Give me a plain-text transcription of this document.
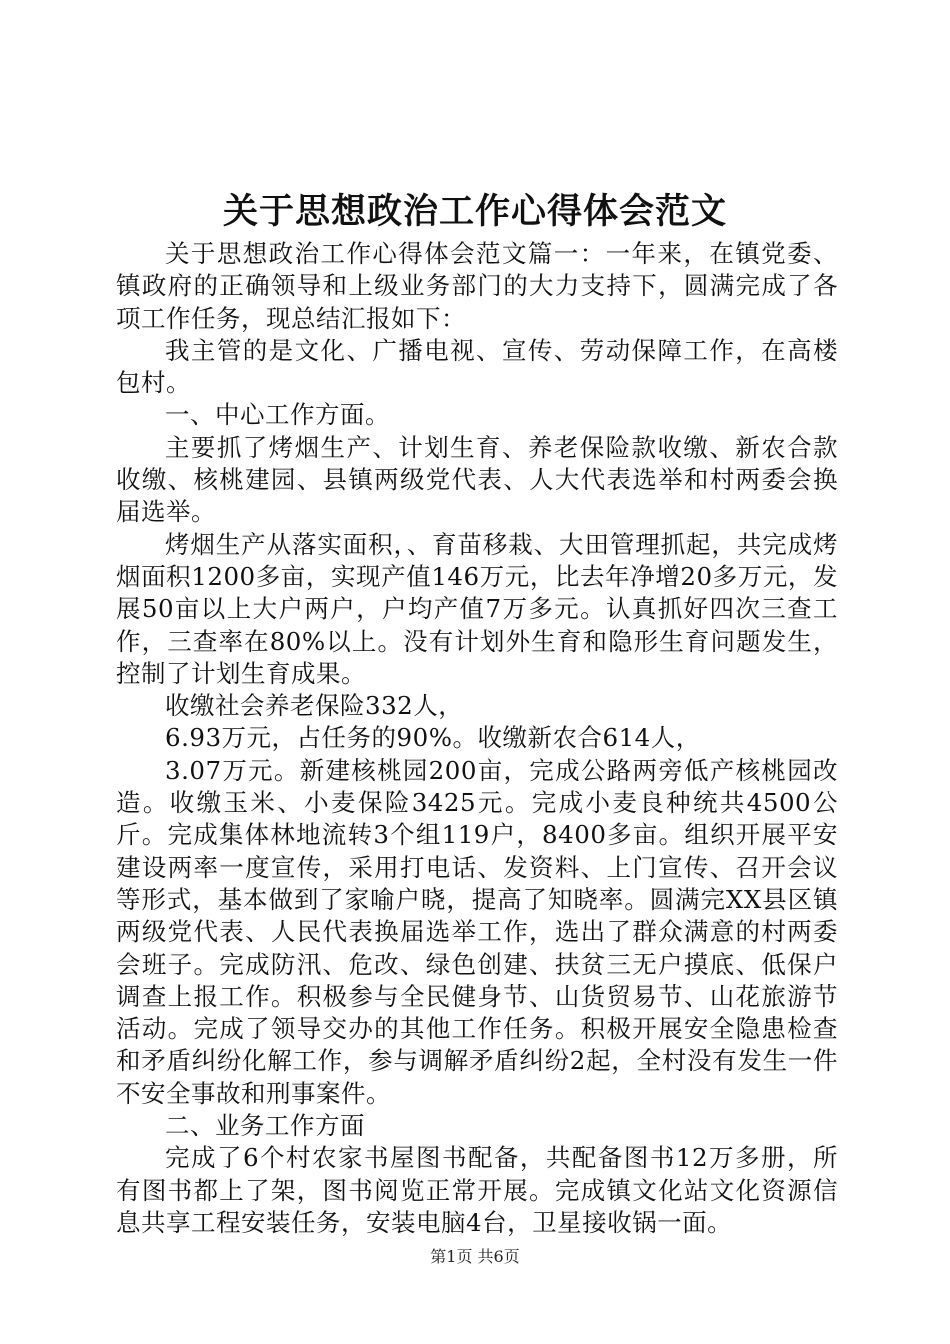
关于思想政治工作心得体会范文

关于思想政治工作心得体会范文篇一：一年来，在镇党委、镇政府的正确领导和上级业务部门的大力支持下，圆满完成了各项工作任务，现总结汇报如下：

我主管的是文化、广播电视、宣传、劳动保障工作，在高楼包村。

一、中心工作方面。

主要抓了烤烟生产、计划生育、养老保险款收缴、新农合款收缴、核桃建园、县镇两级党代表、人大代表选举和村两委会换届选举。

烤烟生产从落实面积，、育苗移栽、大田管理抓起，共完成烤烟面积1200多亩，实现产值146万元，比去年净增20多万元，发展50亩以上大户两户，户均产值7万多元。认真抓好四次三查工作，三查率在80%以上。没有计划外生育和隐形生育问题发生，控制了计划生育成果。

收缴社会养老保险332人，

6.93万元，占任务的90%。收缴新农合614人，

3.07万元。新建核桃园200亩，完成公路两旁低产核桃园改造。收缴玉米、小麦保险3425元。完成小麦良种统共4500公斤。完成集体林地流转3个组119户，8400多亩。组织开展平安建设两率一度宣传，采用打电话、发资料、上门宣传、召开会议等形式，基本做到了家喻户晓，提高了知晓率。圆满完XX县区镇两级党代表、人民代表换届选举工作，选出了群众满意的村两委会班子。完成防汛、危改、绿色创建、扶贫三无户摸底、低保户调查上报工作。积极参与全民健身节、山货贸易节、山花旅游节活动。完成了领导交办的其他工作任务。积极开展安全隐患检查和矛盾纠纷化解工作，参与调解矛盾纠纷2起，全村没有发生一件不安全事故和刑事案件。

二、业务工作方面

完成了6个村农家书屋图书配备，共配备图书12万多册，所有图书都上了架，图书阅览正常开展。完成镇文化站文化资源信息共享工程安装任务，安装电脑4台，卫星接收锅一面。

第1页 共6页
